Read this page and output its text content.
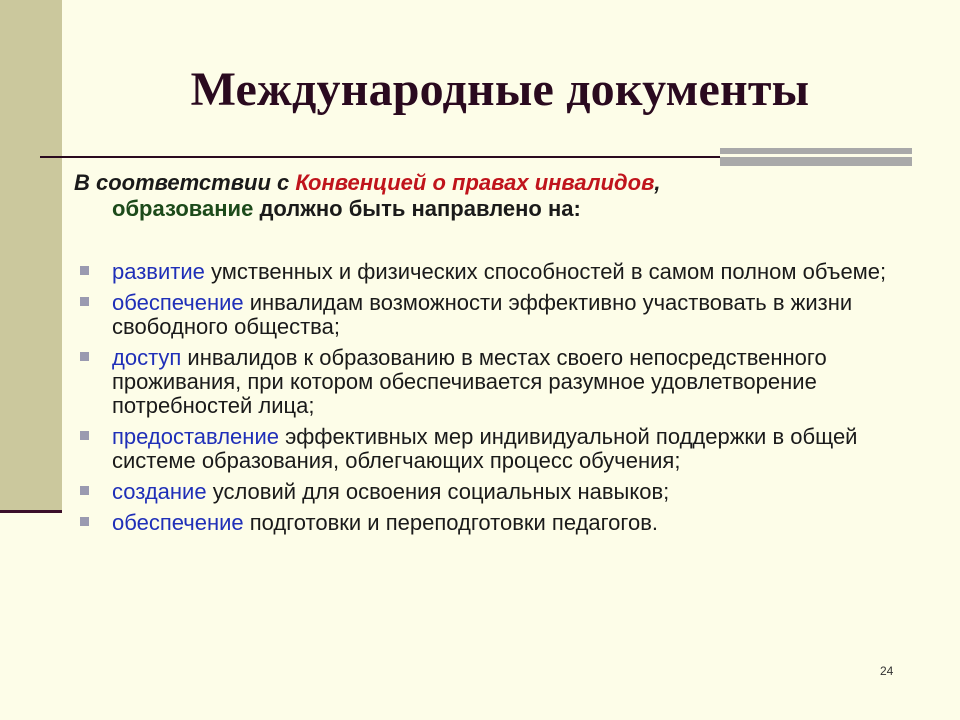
Международные документы
В соответствии с Конвенцией о правах инвалидов,
образование должно быть направлено на:
развитие умственных и физических способностей в самом полном объеме;
обеспечение инвалидам возможности эффективно участвовать в жизни свободного общества;
доступ инвалидов к образованию в местах своего непосредственного проживания, при котором обеспечивается разумное удовлетворение потребностей лица;
предоставление эффективных мер индивидуальной поддержки в общей системе образования, облегчающих процесс обучения;
создание условий для освоения социальных навыков;
обеспечение подготовки и переподготовки педагогов.
24
